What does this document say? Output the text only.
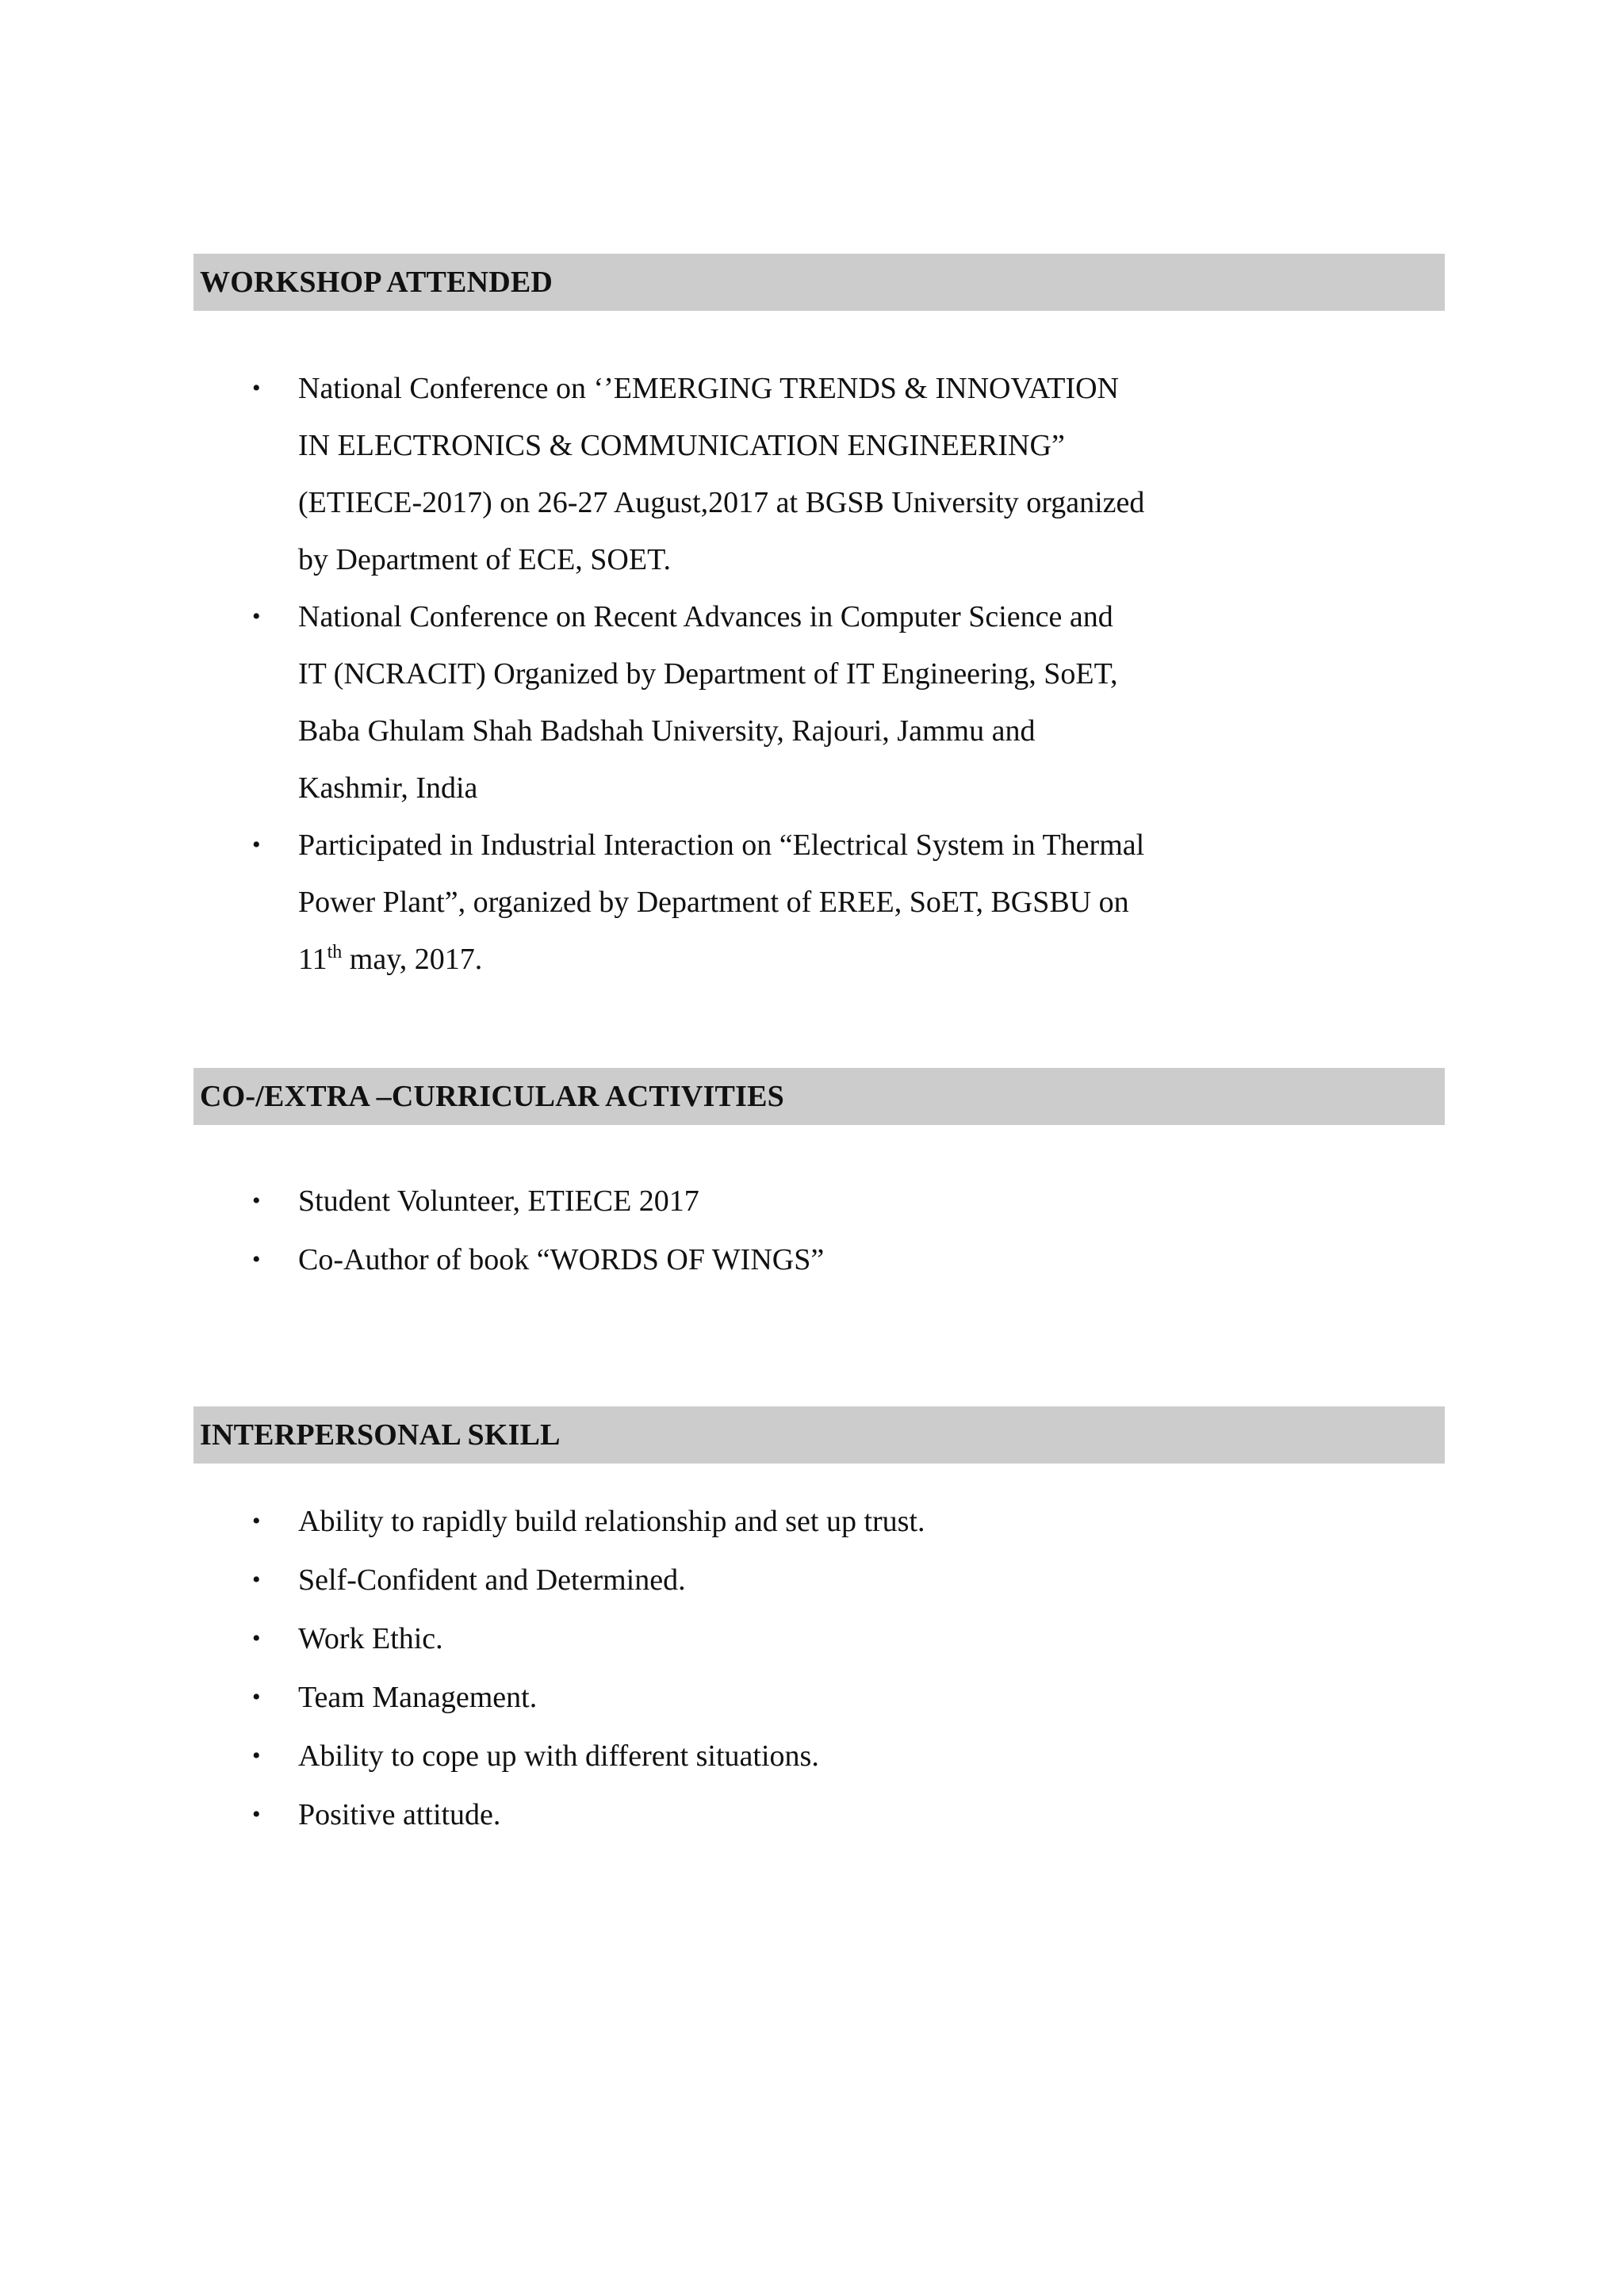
WORKSHOP ATTENDED
• National Conference on ‘’EMERGING TRENDS & INNOVATION IN ELECTRONICS & COMMUNICATION ENGINEERING” (ETIECE-2017) on 26-27 August,2017 at BGSB University organized by Department of ECE, SOET.
• National Conference on Recent Advances in Computer Science and IT (NCRACIT) Organized by Department of IT Engineering, SoET, Baba Ghulam Shah Badshah University, Rajouri, Jammu and Kashmir, India
• Participated in Industrial Interaction on “Electrical System in Thermal Power Plant”, organized by Department of EREE, SoET, BGSBU on 11th may, 2017.
CO-/EXTRA –CURRICULAR ACTIVITIES
• Student Volunteer, ETIECE 2017
• Co-Author of book “WORDS OF WINGS”
INTERPERSONAL SKILL
• Ability to rapidly build relationship and set up trust.
• Self-Confident and Determined.
• Work Ethic.
• Team Management.
• Ability to cope up with different situations.
• Positive attitude.
